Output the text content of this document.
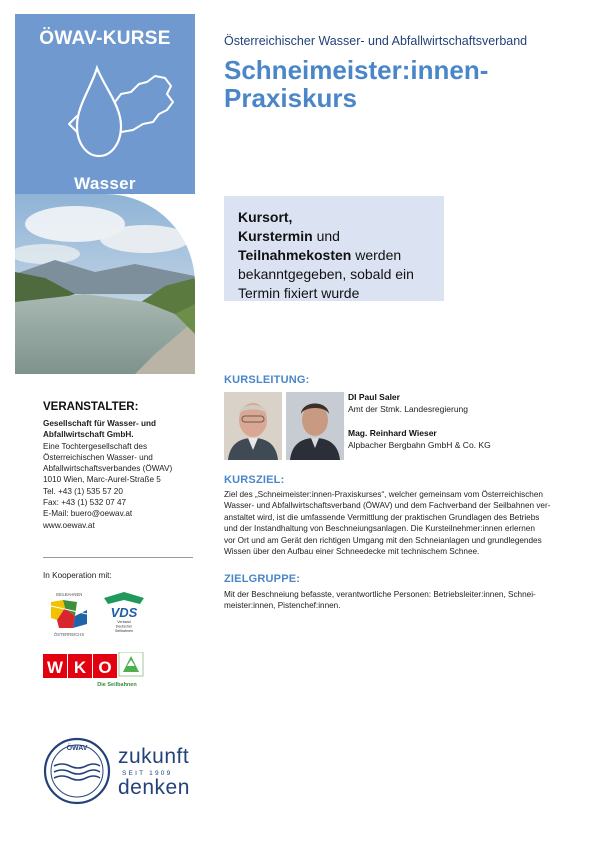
ÖWAV-KURSE
Wasser
Österreichischer Wasser- und Abfallwirtschaftsverband
Schneimeister:innen-
Praxiskurs
Kursort,
Kurstermin und
Teilnahmekosten werden
bekanntgegeben, sobald ein
Termin fixiert wurde
KURSLEITUNG:
DI Paul Saler
Amt der Stmk. Landesregierung
Mag. Reinhard Wieser
Alpbacher Bergbahn GmbH & Co. KG
KURSZIEL:
Ziel des „Schneimeister:innen-Praxiskurses“, welcher gemeinsam vom Österreichischen
Wasser- und Abfallwirtschaftsverband (ÖWAV) und dem Fachverband der Seilbahnen ver-
anstaltet wird, ist die umfassende Vermittlung der praktischen Grundlagen des Betriebs
und der Instandhaltung von Beschneiungsanlagen. Die Kursteilnehmer:innen erlernen
vor Ort und am Gerät den richtigen Umgang mit den Schneianlagen und grundlegendes
Wissen über den Aufbau einer Schneedecke mit technischem Schnee.
ZIELGRUPPE:
Mit der Beschneiung befasste, verantwortliche Personen: Betriebsleiter:innen, Schnei-
meister:innen, Pistenchef:innen.
VERANSTALTER:
Gesellschaft für Wasser- und
Abfallwirtschaft GmbH.
Eine Tochtergesellschaft des
Österreichischen Wasser- und
Abfallwirtschaftsverbandes (ÖWAV)
1010 Wien, Marc-Aurel-Straße 5
Tel. +43 (1) 535 57 20
Fax: +43 (1) 532 07 47
E-Mail: buero@oewav.at
www.oewav.at
In Kooperation mit:
SEILBAHNEN
ÖSTERREICHS
VDS
Verband
Deutscher
Seilbahnen
W K O
Die Seilbahnen
ÖWAV zukunft
SEIT 1909
denken
